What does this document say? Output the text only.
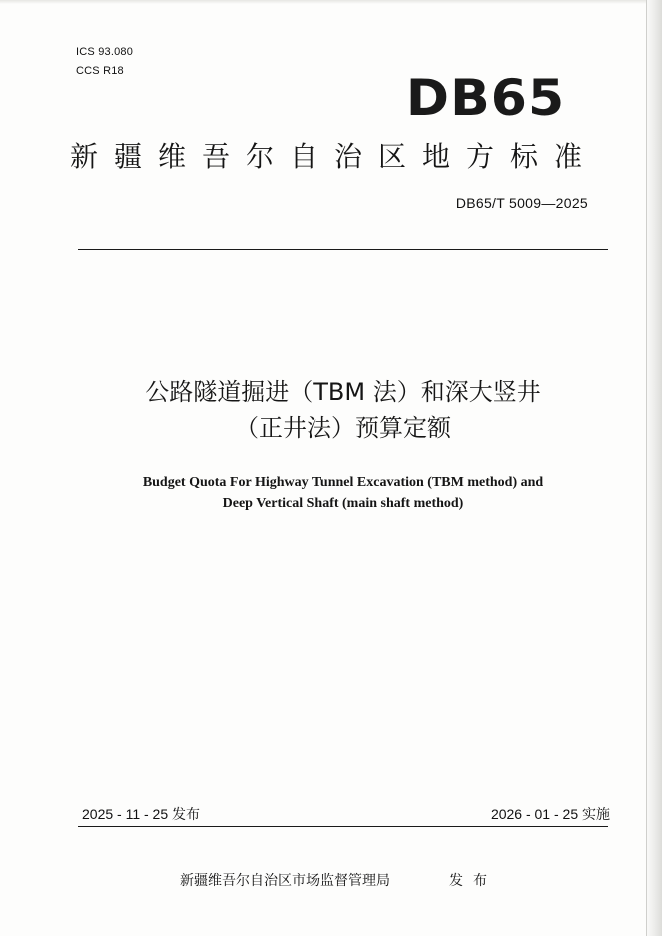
ICS 93.080
CCS R18	DB65
新疆维吾尔自治区地方标准
DB65/T 5009—2025
公路隧道掘进（TBM 法）和深大竖井
（正井法）预算定额
Budget Quota For Highway Tunnel Excavation (TBM method) and
Deep Vertical Shaft (main shaft method)
2025 - 11 - 25 发布	2026 - 01 - 25 实施
新疆维吾尔自治区市场监督管理局	发布
